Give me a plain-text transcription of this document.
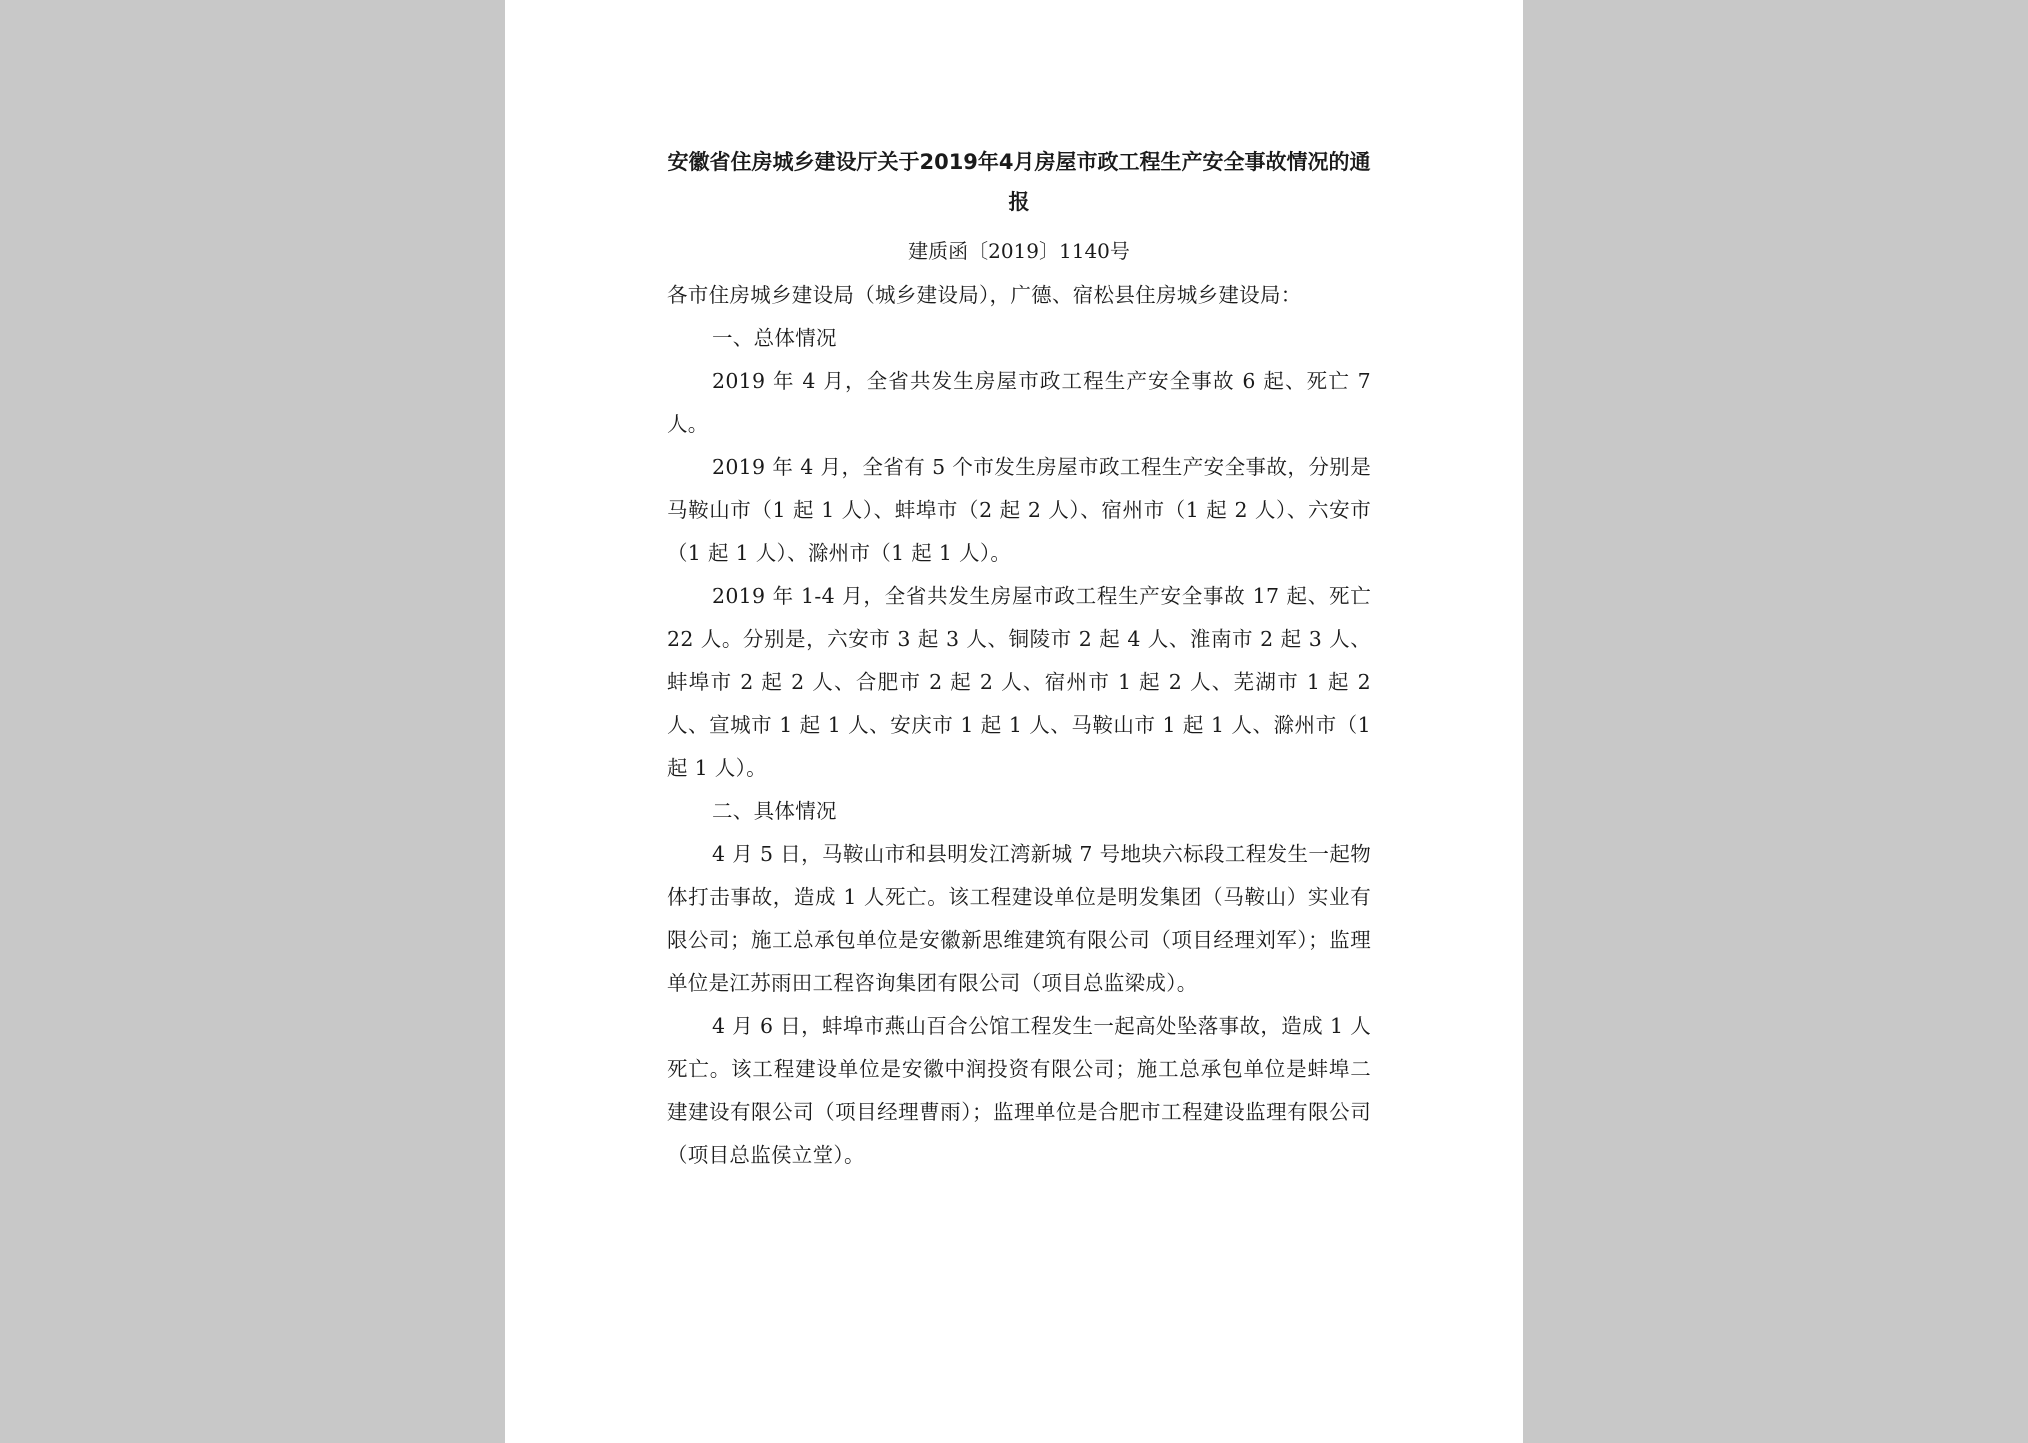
安徽省住房城乡建设厅关于2019年4月房屋市政工程生产安全事故情况的通报

建质函〔2019〕1140号

各市住房城乡建设局（城乡建设局），广德、宿松县住房城乡建设局：

一、总体情况

2019 年 4 月，全省共发生房屋市政工程生产安全事故 6 起、死亡 7 人。

2019 年 4 月，全省有 5 个市发生房屋市政工程生产安全事故，分别是马鞍山市（1 起 1 人）、蚌埠市（2 起 2 人）、宿州市（1 起 2 人）、六安市（1 起 1 人）、滁州市（1 起 1 人）。

2019 年 1-4 月，全省共发生房屋市政工程生产安全事故 17 起、死亡 22 人。分别是，六安市 3 起 3 人、铜陵市 2 起 4 人、淮南市 2 起 3 人、蚌埠市 2 起 2 人、合肥市 2 起 2 人、宿州市 1 起 2 人、芜湖市 1 起 2 人、宣城市 1 起 1 人、安庆市 1 起 1 人、马鞍山市 1 起 1 人、滁州市（1 起 1 人）。

二、具体情况

4 月 5 日，马鞍山市和县明发江湾新城 7 号地块六标段工程发生一起物体打击事故，造成 1 人死亡。该工程建设单位是明发集团（马鞍山）实业有限公司；施工总承包单位是安徽新思维建筑有限公司（项目经理刘军）；监理单位是江苏雨田工程咨询集团有限公司（项目总监梁成）。

4 月 6 日，蚌埠市燕山百合公馆工程发生一起高处坠落事故，造成 1 人死亡。该工程建设单位是安徽中润投资有限公司；施工总承包单位是蚌埠二建建设有限公司（项目经理曹雨）；监理单位是合肥市工程建设监理有限公司（项目总监侯立堂）。
